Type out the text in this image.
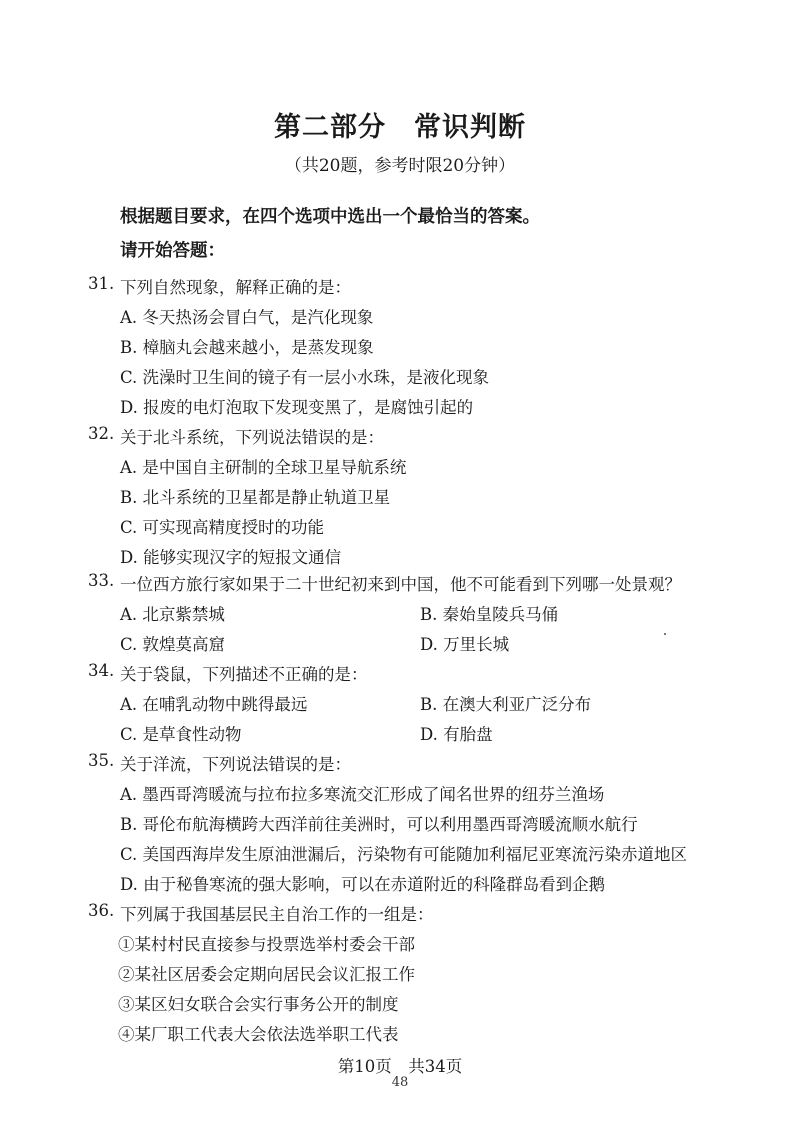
第二部分　常识判断
（共20题，参考时限20分钟）
根据题目要求，在四个选项中选出一个最恰当的答案。
请开始答题：
31. 下列自然现象，解释正确的是：
A. 冬天热汤会冒白气，是汽化现象
B. 樟脑丸会越来越小，是蒸发现象
C. 洗澡时卫生间的镜子有一层小水珠，是液化现象
D. 报废的电灯泡取下发现变黑了，是腐蚀引起的
32. 关于北斗系统，下列说法错误的是：
A. 是中国自主研制的全球卫星导航系统
B. 北斗系统的卫星都是静止轨道卫星
C. 可实现高精度授时的功能
D. 能够实现汉字的短报文通信
33. 一位西方旅行家如果于二十世纪初来到中国，他不可能看到下列哪一处景观？
A. 北京紫禁城	B. 秦始皇陵兵马俑
C. 敦煌莫高窟	D. 万里长城
34. 关于袋鼠，下列描述不正确的是：
A. 在哺乳动物中跳得最远	B. 在澳大利亚广泛分布
C. 是草食性动物	D. 有胎盘
35. 关于洋流，下列说法错误的是：
A. 墨西哥湾暖流与拉布拉多寒流交汇形成了闻名世界的纽芬兰渔场
B. 哥伦布航海横跨大西洋前往美洲时，可以利用墨西哥湾暖流顺水航行
C. 美国西海岸发生原油泄漏后，污染物有可能随加利福尼亚寒流污染赤道地区
D. 由于秘鲁寒流的强大影响，可以在赤道附近的科隆群岛看到企鹅
36. 下列属于我国基层民主自治工作的一组是：
①某村村民直接参与投票选举村委会干部
②某社区居委会定期向居民会议汇报工作
③某区妇女联合会实行事务公开的制度
④某厂职工代表大会依法选举职工代表
第10页　共34页
48
